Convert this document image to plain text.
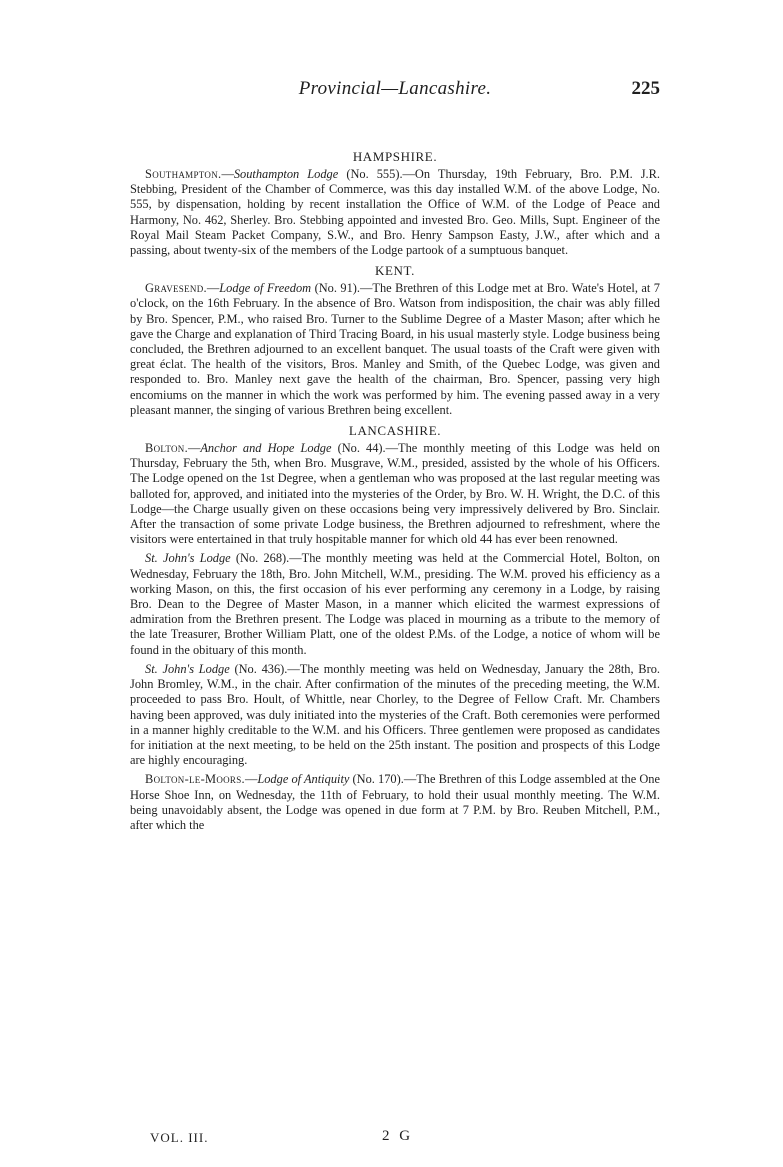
Provincial—Lancashire.	225
HAMPSHIRE.

Southampton.—Southampton Lodge (No. 555).—On Thursday, 19th February, Bro. P.M. J.R. Stebbing, President of the Chamber of Commerce, was this day installed W.M. of the above Lodge, No. 555, by dispensation, holding by recent installation the Office of W.M. of the Lodge of Peace and Harmony, No. 462, Sherley. Bro. Stebbing appointed and invested Bro. Geo. Mills, Supt. Engineer of the Royal Mail Steam Packet Company, S.W., and Bro. Henry Sampson Easty, J.W., after which and a passing, about twenty-six of the members of the Lodge partook of a sumptuous banquet.

KENT.

Gravesend.—Lodge of Freedom (No. 91).—The Brethren of this Lodge met at Bro. Wate's Hotel, at 7 o'clock, on the 16th February. In the absence of Bro. Watson from indisposition, the chair was ably filled by Bro. Spencer, P.M., who raised Bro. Turner to the Sublime Degree of a Master Mason; after which he gave the Charge and explanation of Third Tracing Board, in his usual masterly style. Lodge business being concluded, the Brethren adjourned to an excellent banquet. The usual toasts of the Craft were given with great éclat. The health of the visitors, Bros. Manley and Smith, of the Quebec Lodge, was given and responded to. Bro. Manley next gave the health of the chairman, Bro. Spencer, passing very high encomiums on the manner in which the work was performed by him. The evening passed away in a very pleasant manner, the singing of various Brethren being excellent.

LANCASHIRE.

Bolton.—Anchor and Hope Lodge (No. 44).—The monthly meeting of this Lodge was held on Thursday, February the 5th, when Bro. Musgrave, W.M., presided, assisted by the whole of his Officers. The Lodge opened on the 1st Degree, when a gentleman who was proposed at the last regular meeting was balloted for, approved, and initiated into the mysteries of the Order, by Bro. W. H. Wright, the D.C. of this Lodge—the Charge usually given on these occasions being very impressively delivered by Bro. Sinclair. After the transaction of some private Lodge business, the Brethren adjourned to refreshment, where the visitors were entertained in that truly hospitable manner for which old 44 has ever been renowned.

St. John's Lodge (No. 268).—The monthly meeting was held at the Commercial Hotel, Bolton, on Wednesday, February the 18th, Bro. John Mitchell, W.M., presiding. The W.M. proved his efficiency as a working Mason, on this, the first occasion of his ever performing any ceremony in a Lodge, by raising Bro. Dean to the Degree of Master Mason, in a manner which elicited the warmest expressions of admiration from the Brethren present. The Lodge was placed in mourning as a tribute to the memory of the late Treasurer, Brother William Platt, one of the oldest P.Ms. of the Lodge, a notice of whom will be found in the obituary of this month.

St. John's Lodge (No. 436).—The monthly meeting was held on Wednesday, January the 28th, Bro. John Bromley, W.M., in the chair. After confirmation of the minutes of the preceding meeting, the W.M. proceeded to pass Bro. Hoult, of Whittle, near Chorley, to the Degree of Fellow Craft. Mr. Chambers having been approved, was duly initiated into the mysteries of the Craft. Both ceremonies were performed in a manner highly creditable to the W.M. and his Officers. Three gentlemen were proposed as candidates for initiation at the next meeting, to be held on the 25th instant. The position and prospects of this Lodge are highly encouraging.

Bolton-le-Moors.—Lodge of Antiquity (No. 170).—The Brethren of this Lodge assembled at the One Horse Shoe Inn, on Wednesday, the 11th of February, to hold their usual monthly meeting. The W.M. being unavoidably absent, the Lodge was opened in due form at 7 P.M. by Bro. Reuben Mitchell, P.M., after which the

VOL. III.	2 G
